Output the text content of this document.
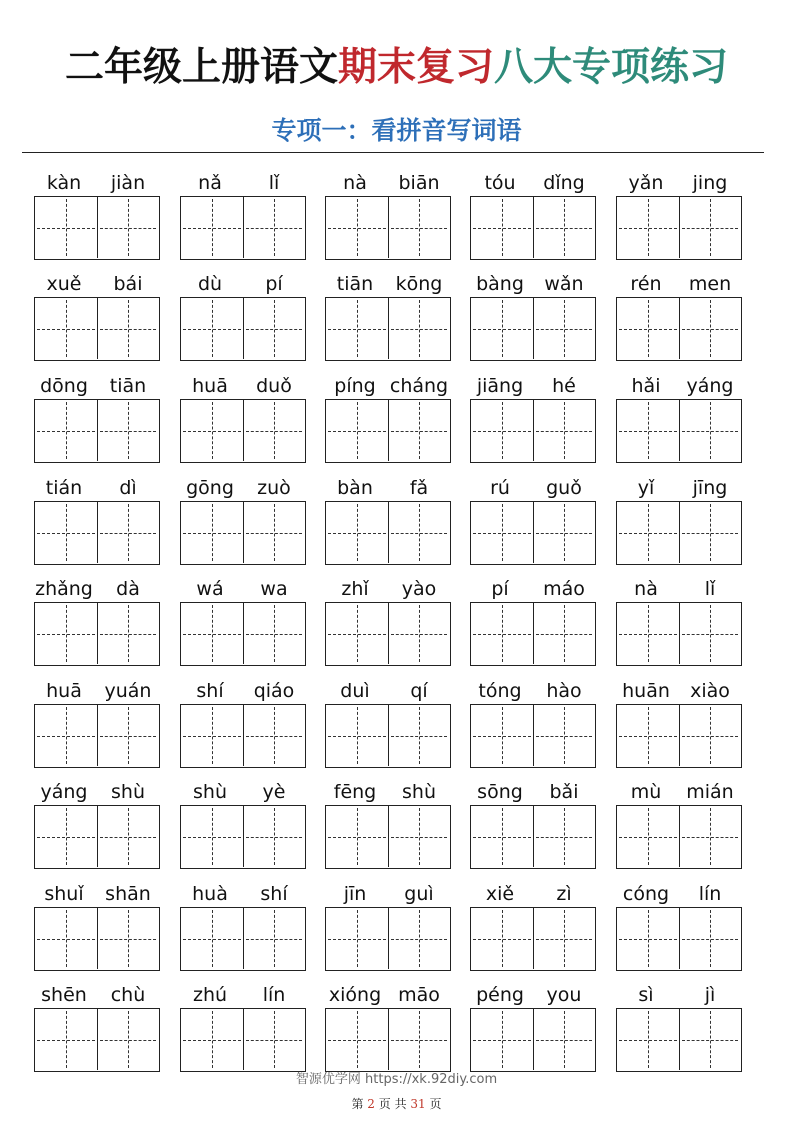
二年级上册语文期末复习八大专项练习
专项一：看拼音写词语
kàn	jiàn	nǎ	lǐ	nà	biān	tóu	dǐng	yǎn	jing
xuě	bái	dù	pí	tiān	kōng	bàng	wǎn	rén	men
dōng	tiān	huā	duǒ	píng cháng	jiāng	hé	hǎi	yáng
tián	dì	gōng	zuò	bàn	fǎ	rú	guǒ	yǐ	jīng
zhǎng	dà	wá	wa	zhǐ	yào	pí	máo	nà	lǐ
huā	yuán	shí	qiáo	duì	qí	tóng	hào	huān	xiào
yáng	shù	shù	yè	fēng	shù	sōng	bǎi	mù	mián
shuǐ	shān	huà	shí	jīn	guì	xiě	zì	cóng	lín
shēn	chù	zhú	lín	xióng māo	péng	you	sì	jì
智源优学网 https://xk.92diy.com
第 2 页 共 31 页
